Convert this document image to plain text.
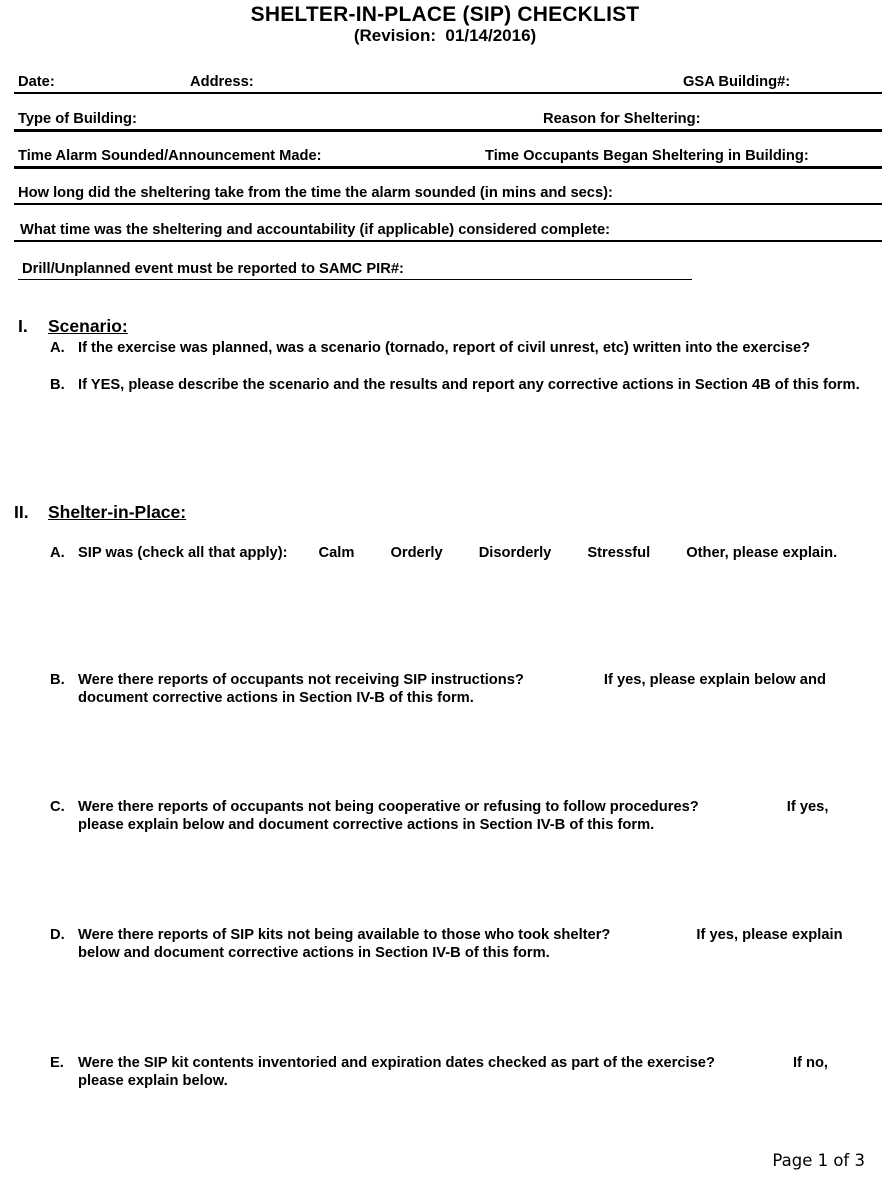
SHELTER-IN-PLACE (SIP) CHECKLIST
(Revision:  01/14/2016)
Date:	Address:	GSA Building#:
Type of Building:	Reason for Sheltering:
Time Alarm Sounded/Announcement Made:	Time Occupants Began Sheltering in Building:
How long did the sheltering take from the time the alarm sounded (in mins and secs):
What time was the sheltering and accountability (if applicable) considered complete:
Drill/Unplanned event must be reported to SAMC PIR#:
I. Scenario:
A. If the exercise was planned, was a scenario (tornado, report of civil unrest, etc) written into the exercise?
B. If YES, please describe the scenario and the results and report any corrective actions in Section 4B of this form.
II. Shelter-in-Place:
A. SIP was (check all that apply): Calm Orderly Disorderly Stressful Other, please explain.
B. Were there reports of occupants not receiving SIP instructions?	If yes, please explain below and document corrective actions in Section IV-B of this form.
C. Were there reports of occupants not being cooperative or refusing to follow procedures?	If yes, please explain below and document corrective actions in Section IV-B of this form.
D. Were there reports of SIP kits not being available to those who took shelter?	If yes, please explain below and document corrective actions in Section IV-B of this form.
E. Were the SIP kit contents inventoried and expiration dates checked as part of the exercise?	If no, please explain below.
Page 1 of 3
